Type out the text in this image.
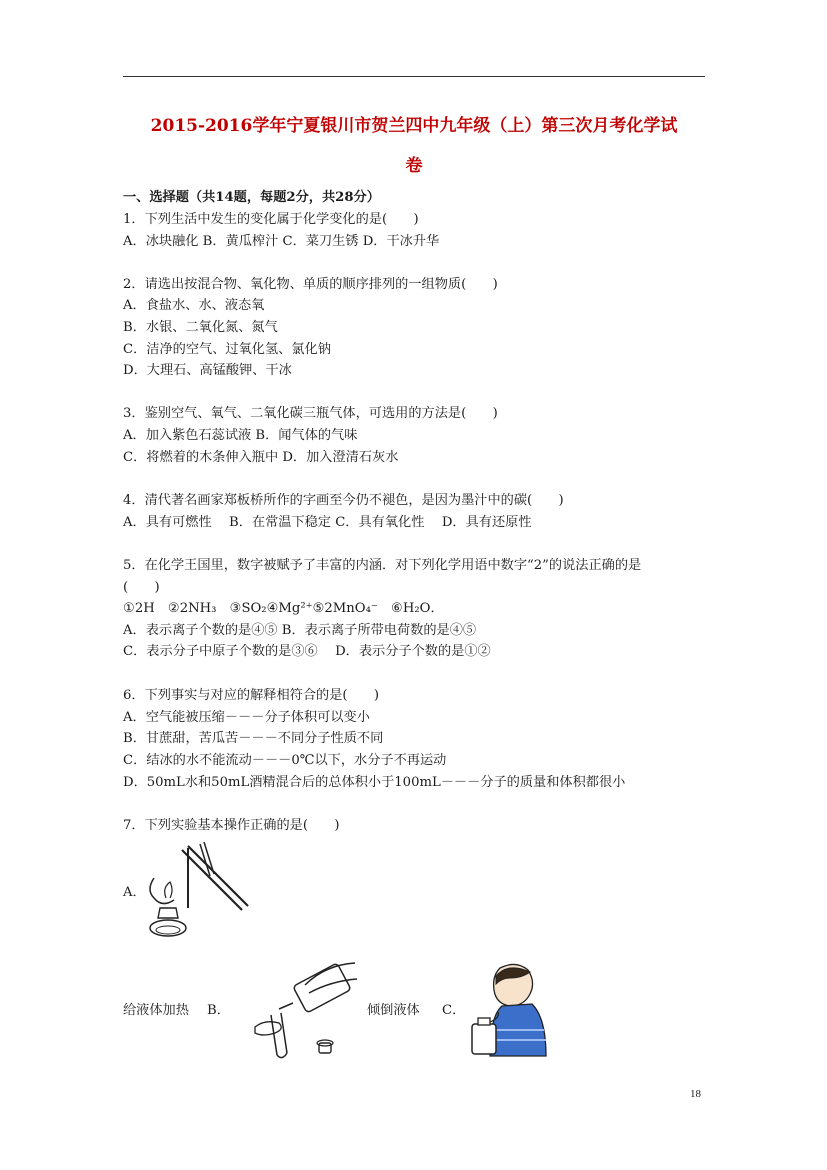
2015-2016学年宁夏银川市贺兰四中九年级（上）第三次月考化学试
卷
一、选择题（共14题，每题2分，共28分）
1．下列生活中发生的变化属于化学变化的是(　　)
A．冰块融化 B．黄瓜榨汁 C．菜刀生锈 D．干冰升华
2．请选出按混合物、氧化物、单质的顺序排列的一组物质(　　)
A．食盐水、水、液态氧
B．水银、二氧化氮、氮气
C．洁净的空气、过氧化氢、氯化钠
D．大理石、高锰酸钾、干冰
3．鉴别空气、氧气、二氧化碳三瓶气体，可选用的方法是(　　)
A．加入紫色石蕊试液 B．闻气体的气味
C．将燃着的木条伸入瓶中 D．加入澄清石灰水
4．清代著名画家郑板桥所作的字画至今仍不褪色，是因为墨汁中的碳(　　)
A．具有可燃性　 B．在常温下稳定 C．具有氧化性　 D．具有还原性
5．在化学王国里，数字被赋予了丰富的内涵．对下列化学用语中数字“2”的说法正确的是
(　　)
①2H　②2NH₃　③SO₂④Mg²⁺⑤2MnO₄⁻　⑥H₂O．
A．表示离子个数的是④⑤ B．表示离子所带电荷数的是④⑤
C．表示分子中原子个数的是③⑥　 D．表示分子个数的是①②
6．下列事实与对应的解释相符合的是(　　)
A．空气能被压缩－－－分子体积可以变小
B．甘蔗甜，苦瓜苦－－－不同分子性质不同
C．结冰的水不能流动－－－0℃以下，水分子不再运动
D．50mL水和50mL酒精混合后的总体积小于100mL－－－分子的质量和体积都很小
7．下列实验基本操作正确的是(　　)
A．
给液体加热 B．	倾倒液体 C．
18
